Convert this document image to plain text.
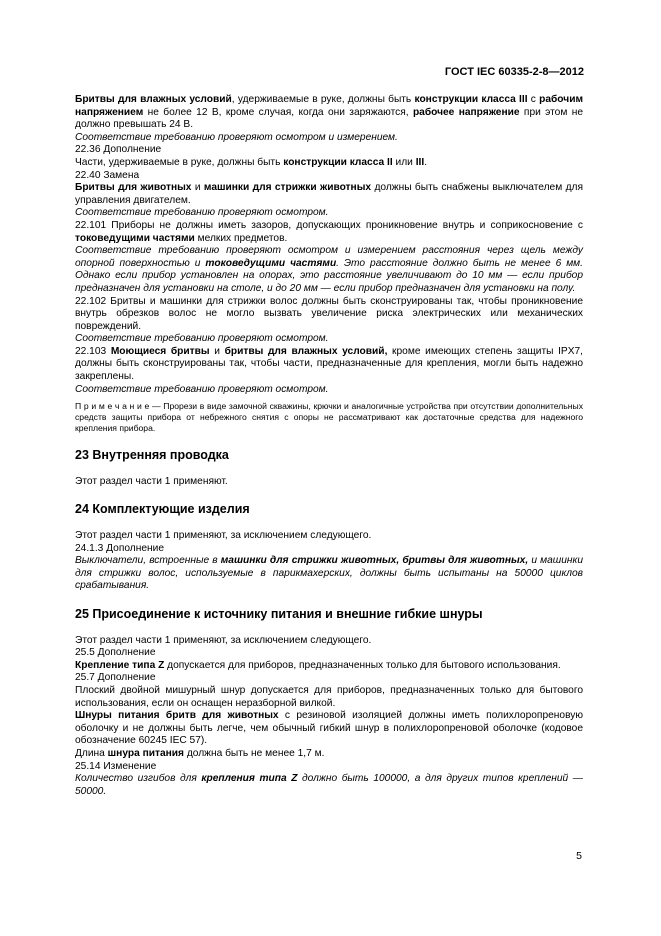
ГОСТ IEC 60335-2-8—2012

Бритвы для влажных условий, удерживаемые в руке, должны быть конструкции класса III с рабочим напряжением не более 12 В, кроме случая, когда они заряжаются, рабочее напряжение при этом не должно превышать 24 В.

Соответствие требованию проверяют осмотром и измерением.

22.36 Дополнение

Части, удерживаемые в руке, должны быть конструкции класса II или III.

22.40 Замена

Бритвы для животных и машинки для стрижки животных должны быть снабжены выключателем для управления двигателем.

Соответствие требованию проверяют осмотром.

22.101 Приборы не должны иметь зазоров, допускающих проникновение внутрь и соприкосновение с токоведущими частями мелких предметов.

Соответствие требованию проверяют осмотром и измерением расстояния через щель между опорной поверхностью и токоведущими частями. Это расстояние должно быть не менее 6 мм. Однако если прибор установлен на опорах, это расстояние увеличивают до 10 мм — если прибор предназначен для установки на столе, и до 20 мм — если прибор предназначен для установки на полу.

22.102 Бритвы и машинки для стрижки волос должны быть сконструированы так, чтобы проникновение внутрь обрезков волос не могло вызвать увеличение риска электрических или механических повреждений.

Соответствие требованию проверяют осмотром.

22.103 Моющиеся бритвы и бритвы для влажных условий, кроме имеющих степень защиты IPX7, должны быть сконструированы так, чтобы части, предназначенные для крепления, могли быть надежно закреплены.

Соответствие требованию проверяют осмотром.

П р и м е ч а н и е — Прорези в виде замочной скважины, крючки и аналогичные устройства при отсутствии дополнительных средств защиты прибора от небрежного снятия с опоры не рассматривают как достаточные средства для надежного крепления прибора.

23 Внутренняя проводка

Этот раздел части 1 применяют.

24 Комплектующие изделия

Этот раздел части 1 применяют, за исключением следующего.

24.1.3 Дополнение

Выключатели, встроенные в машинки для стрижки животных, бритвы для животных, и машинки для стрижки волос, используемые в парикмахерских, должны быть испытаны на 50000 циклов срабатывания.

25 Присоединение к источнику питания и внешние гибкие шнуры

Этот раздел части 1 применяют, за исключением следующего.

25.5 Дополнение

Крепление типа Z допускается для приборов, предназначенных только для бытового использования.

25.7 Дополнение

Плоский двойной мишурный шнур допускается для приборов, предназначенных только для бытового использования, если он оснащен неразборной вилкой.

Шнуры питания бритв для животных с резиновой изоляцией должны иметь полихлоропреновую оболочку и не должны быть легче, чем обычный гибкий шнур в полихлоропреновой оболочке (кодовое обозначение 60245 IEC 57).

Длина шнура питания должна быть не менее 1,7 м.

25.14 Изменение

Количество изгибов для крепления типа Z должно быть 100000, а для других типов креплений — 50000.

5
